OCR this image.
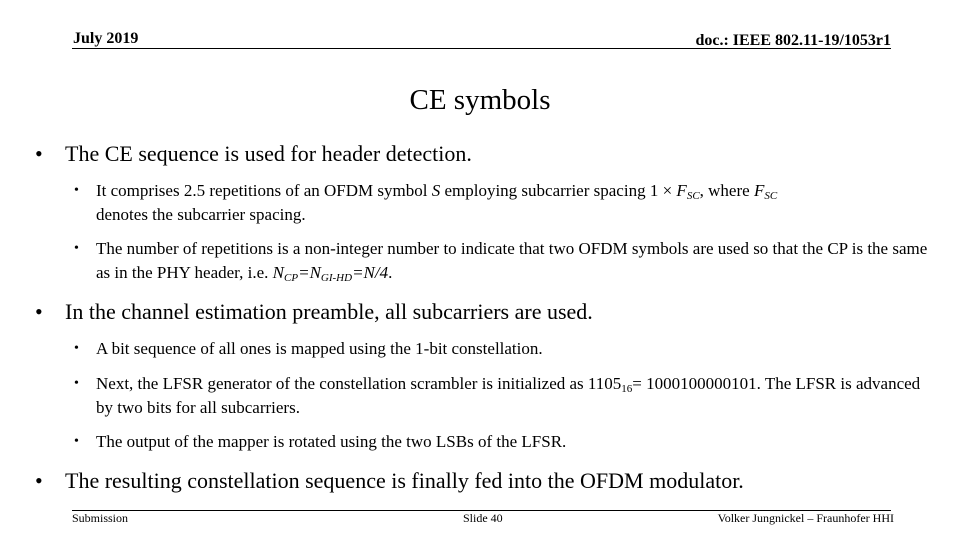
July 2019	doc.: IEEE 802.11-19/1053r1
CE symbols
• The CE sequence is used for header detection.
• It comprises 2.5 repetitions of an OFDM symbol S employing subcarrier spacing $1 \times F_{SC}$, where $F_{SC}$
denotes the subcarrier spacing.
• The number of repetitions is a non-integer number to indicate that two OFDM symbols are used so that the CP is the same as in the PHY header, i.e. $N_{CP}=N_{GI-HD}=N/4$.
• In the channel estimation preamble, all subcarriers are used.
• A bit sequence of all ones is mapped using the 1-bit constellation.
• Next, the LFSR generator of the constellation scrambler is initialized as $1105_{16}= 1000100000101$. The LFSR is advanced by two bits for all subcarriers.
• The output of the mapper is rotated using the two LSBs of the LFSR.
• The resulting constellation sequence is finally fed into the OFDM modulator.
Submission	Slide 40	Volker Jungnickel – Fraunhofer HHI
